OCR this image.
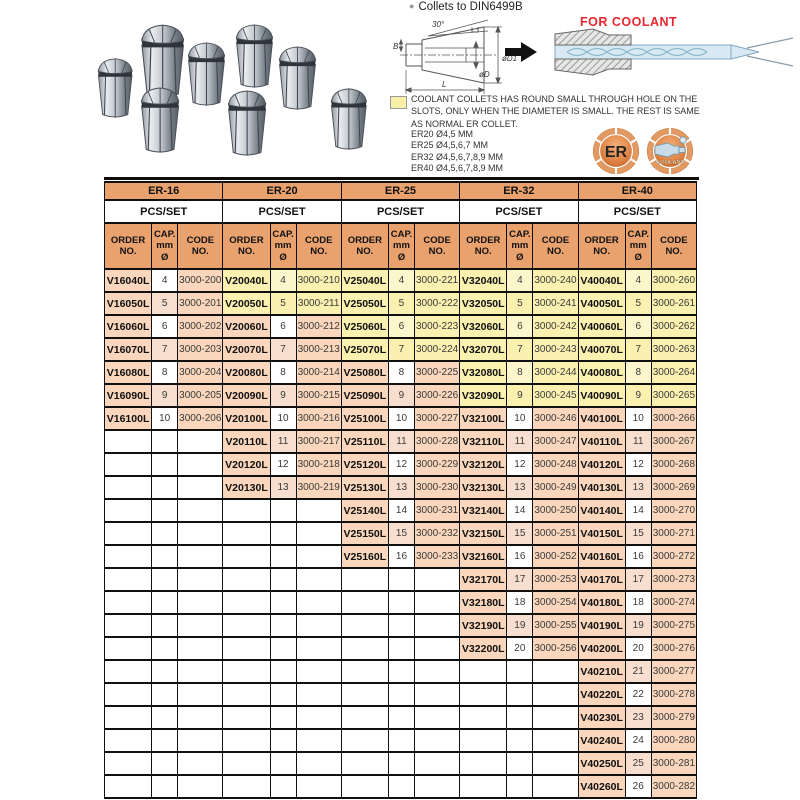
● Collets to DIN6499B
30°
B
øD
øD1
L
FOR COOLANT
COOLANT COLLETS HAS ROUND SMALL THROUGH HOLE ON THE
SLOTS, ONLY WHEN THE DIAMETER IS SMALL. THE REST IS SAME
AS NORMAL ER COLLET.
ER20 Ø4,5 MM
ER25 Ø4,5,6,7 MM
ER32 Ø4,5,6,7,8,9 MM
ER40 Ø4,5,6,7,8,9 MM
ER
COOLANT
ER-16			ER-20			ER-25			ER-32			ER-40		
PCS/SET			PCS/SET			PCS/SET			PCS/SET			PCS/SET		
ORDER
NO.	CAP.
mm
Ø	CODE
NO.	ORDER
NO.	CAP.
mm
Ø	CODE
NO.	ORDER
NO.	CAP.
mm
Ø	CODE
NO.	ORDER
NO.	CAP.
mm
Ø	CODE
NO.	ORDER
NO.	CAP.
mm
Ø	CODE
NO.
V16040L	4	3000-200	V20040L	4	3000-210	V25040L	4	3000-221	V32040L	4	3000-240	V40040L	4	3000-260
V16050L	5	3000-201	V20050L	5	3000-211	V25050L	5	3000-222	V32050L	5	3000-241	V40050L	5	3000-261
V16060L	6	3000-202	V20060L	6	3000-212	V25060L	6	3000-223	V32060L	6	3000-242	V40060L	6	3000-262
V16070L	7	3000-203	V20070L	7	3000-213	V25070L	7	3000-224	V32070L	7	3000-243	V40070L	7	3000-263
V16080L	8	3000-204	V20080L	8	3000-214	V25080L	8	3000-225	V32080L	8	3000-244	V40080L	8	3000-264
V16090L	9	3000-205	V20090L	9	3000-215	V25090L	9	3000-226	V32090L	9	3000-245	V40090L	9	3000-265
V16100L	10	3000-206	V20100L	10	3000-216	V25100L	10	3000-227	V32100L	10	3000-246	V40100L	10	3000-266
			V20110L	11	3000-217	V25110L	11	3000-228	V32110L	11	3000-247	V40110L	11	3000-267
			V20120L	12	3000-218	V25120L	12	3000-229	V32120L	12	3000-248	V40120L	12	3000-268
			V20130L	13	3000-219	V25130L	13	3000-230	V32130L	13	3000-249	V40130L	13	3000-269
						V25140L	14	3000-231	V32140L	14	3000-250	V40140L	14	3000-270
						V25150L	15	3000-232	V32150L	15	3000-251	V40150L	15	3000-271
						V25160L	16	3000-233	V32160L	16	3000-252	V40160L	16	3000-272
									V32170L	17	3000-253	V40170L	17	3000-273
									V32180L	18	3000-254	V40180L	18	3000-274
									V32190L	19	3000-255	V40190L	19	3000-275
									V32200L	20	3000-256	V40200L	20	3000-276
												V40210L	21	3000-277
												V40220L	22	3000-278
												V40230L	23	3000-279
												V40240L	24	3000-280
												V40250L	25	3000-281
												V40260L	26	3000-282
